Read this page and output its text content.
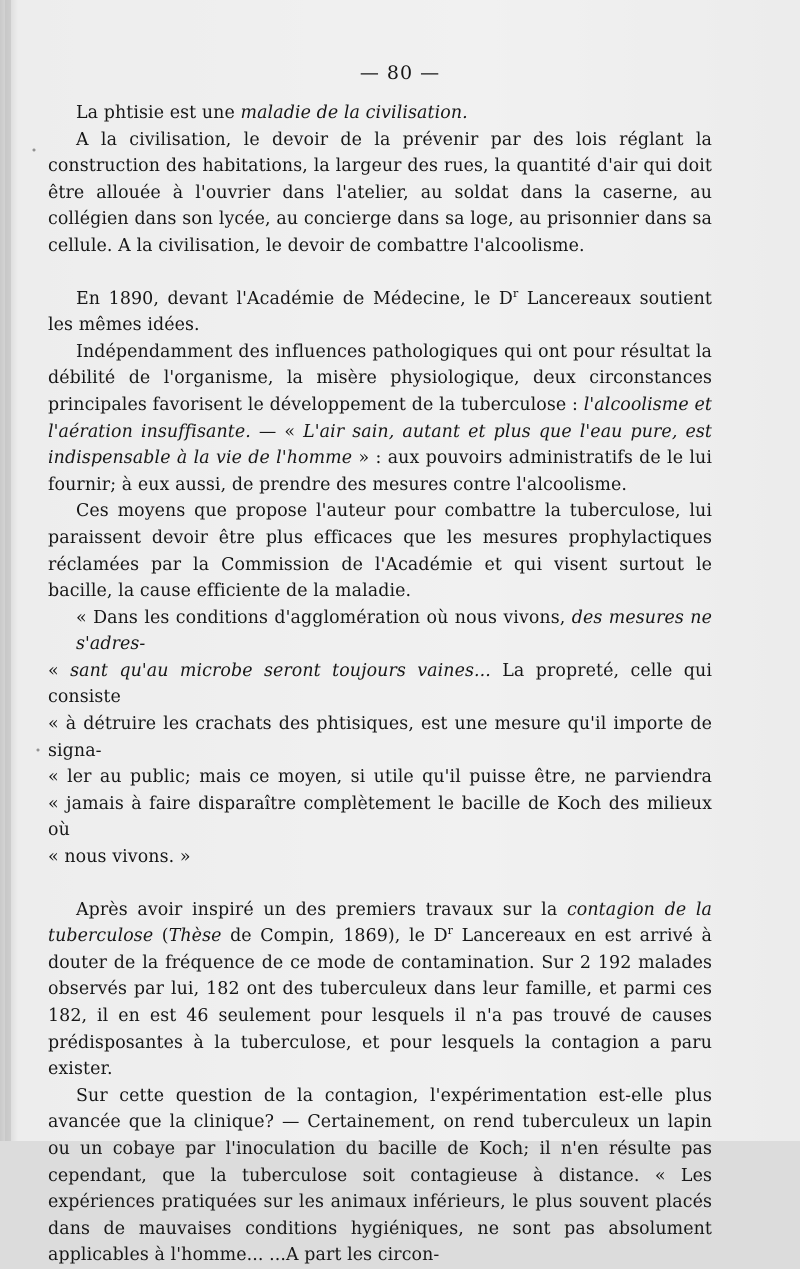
— 80 —

La phtisie est une maladie de la civilisation.

A la civilisation, le devoir de la prévenir par des lois réglant la construction des habitations, la largeur des rues, la quantité d'air qui doit être allouée à l'ouvrier dans l'atelier, au soldat dans la caserne, au collégien dans son lycée, au concierge dans sa loge, au prisonnier dans sa cellule. A la civilisation, le devoir de combattre l'alcoolisme.

En 1890, devant l'Académie de Médecine, le $D^r$ Lancereaux soutient les mêmes idées.

Indépendamment des influences pathologiques qui ont pour résultat la débilité de l'organisme, la misère physiologique, deux circonstances principales favorisent le développement de la tuberculose : l'alcoolisme et l'aération insuffisante. — « L'air sain, autant et plus que l'eau pure, est indispensable à la vie de l'homme » : aux pouvoirs administratifs de le lui fournir; à eux aussi, de prendre des mesures contre l'alcoolisme.

Ces moyens que propose l'auteur pour combattre la tuberculose, lui paraissent devoir être plus efficaces que les mesures prophylactiques réclamées par la Commission de l'Académie et qui visent surtout le bacille, la cause efficiente de la maladie.

« Dans les conditions d'agglomération où nous vivons, des mesures ne s'adres-
« sant qu'au microbe seront toujours vaines... La propreté, celle qui consiste
« à détruire les crachats des phtisiques, est une mesure qu'il importe de signa-
« ler au public; mais ce moyen, si utile qu'il puisse être, ne parviendra
« jamais à faire disparaître complètement le bacille de Koch des milieux où
« nous vivons. »

Après avoir inspiré un des premiers travaux sur la contagion de la tuberculose (Thèse de Compin, 1869), le $D^r$ Lancereaux en est arrivé à douter de la fréquence de ce mode de contamination. Sur 2 192 malades observés par lui, 182 ont des tuberculeux dans leur famille, et parmi ces 182, il en est 46 seulement pour lesquels il n'a pas trouvé de causes prédisposantes à la tuberculose, et pour lesquels la contagion a paru exister.

Sur cette question de la contagion, l'expérimentation est-elle plus avancée que la clinique? — Certainement, on rend tuberculeux un lapin ou un cobaye par l'inoculation du bacille de Koch; il n'en résulte pas cependant, que la tuberculose soit contagieuse à distance. « Les expériences pratiquées sur les animaux inférieurs, le plus souvent placés dans de mauvaises conditions hygiéniques, ne sont pas absolument applicables à l'homme... ...A part les circon-
